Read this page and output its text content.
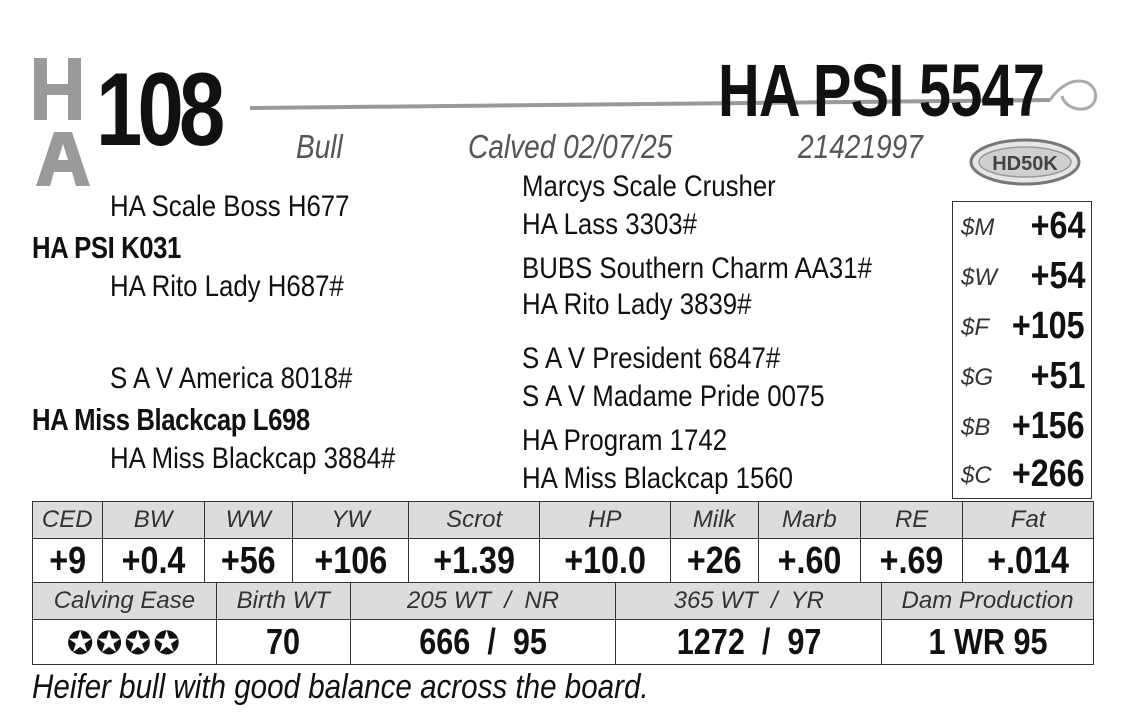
108	HA PSI 5547
Bull	Calved 02/07/25	21421997	HD50K
HA Scale Boss H677
HA PSI K031
HA Rito Lady H687#
S A V America 8018#
HA Miss Blackcap L698
HA Miss Blackcap 3884#
Marcys Scale Crusher
HA Lass 3303#
BUBS Southern Charm AA31#
HA Rito Lady 3839#
S A V President 6847#
S A V Madame Pride 0075
HA Program 1742
HA Miss Blackcap 1560
$M +64
$W +54
$F +105
$G +51
$B +156
$C +266
CED	BW	WW	YW	Scrot	HP	Milk	Marb	RE	Fat
+9	+0.4	+56	+106	+1.39	+10.0	+26	+.60	+.69	+.014
Calving Ease	Birth WT	205 WT  /  NR	365 WT  /  YR	Dam Production
✪✪✪✪	70	666  /  95	1272  /  97	1 WR 95
Heifer bull with good balance across the board.
